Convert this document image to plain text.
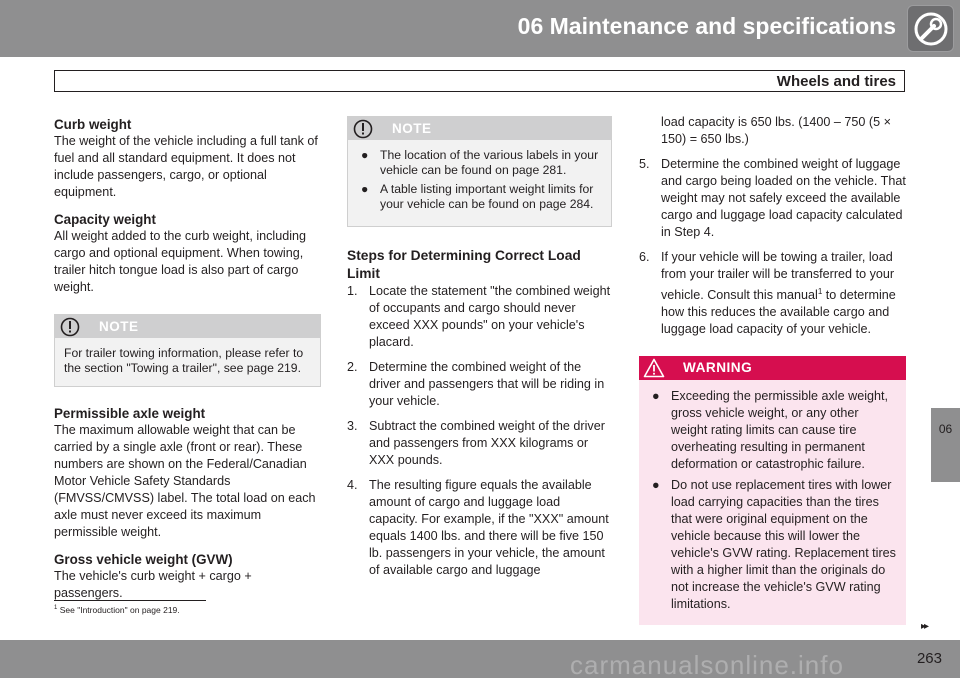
06 Maintenance and specifications
Wheels and tires
06
Curb weight
The weight of the vehicle including a full tank of fuel and all standard equipment. It does not include passengers, cargo, or optional equipment.
Capacity weight
All weight added to the curb weight, including cargo and optional equipment. When towing, trailer hitch tongue load is also part of cargo weight.
NOTE
For trailer towing information, please refer to the section "Towing a trailer", see page 219.
Permissible axle weight
The maximum allowable weight that can be carried by a single axle (front or rear). These numbers are shown on the Federal/Canadian Motor Vehicle Safety Standards (FMVSS/CMVSS) label. The total load on each axle must never exceed its maximum permissible weight.
Gross vehicle weight (GVW)
The vehicle's curb weight + cargo + passengers.
NOTE
● The location of the various labels in your vehicle can be found on page 281.
● A table listing important weight limits for your vehicle can be found on page 284.
Steps for Determining Correct Load Limit
1. Locate the statement "the combined weight of occupants and cargo should never exceed XXX pounds" on your vehicle's placard.
2. Determine the combined weight of the driver and passengers that will be riding in your vehicle.
3. Subtract the combined weight of the driver and passengers from XXX kilograms or XXX pounds.
4. The resulting figure equals the available amount of cargo and luggage load capacity. For example, if the "XXX" amount equals 1400 lbs. and there will be five 150 lb. passengers in your vehicle, the amount of available cargo and luggage
load capacity is 650 lbs. (1400 – 750 (5 × 150) = 650 lbs.)
5. Determine the combined weight of luggage and cargo being loaded on the vehicle. That weight may not safely exceed the available cargo and luggage load capacity calculated in Step 4.
6. If your vehicle will be towing a trailer, load from your trailer will be transferred to your vehicle. Consult this manual$^1$ to determine how this reduces the available cargo and luggage load capacity of your vehicle.
WARNING
● Exceeding the permissible axle weight, gross vehicle weight, or any other weight rating limits can cause tire overheating resulting in permanent deformation or catastrophic failure.
● Do not use replacement tires with lower load carrying capacities than the tires that were original equipment on the vehicle because this will lower the vehicle's GVW rating. Replacement tires with a higher limit than the originals do not increase the vehicle's GVW rating limitations.
$^1$ See "Introduction" on page 219.
▸▸
263
carmanualsonline.info
